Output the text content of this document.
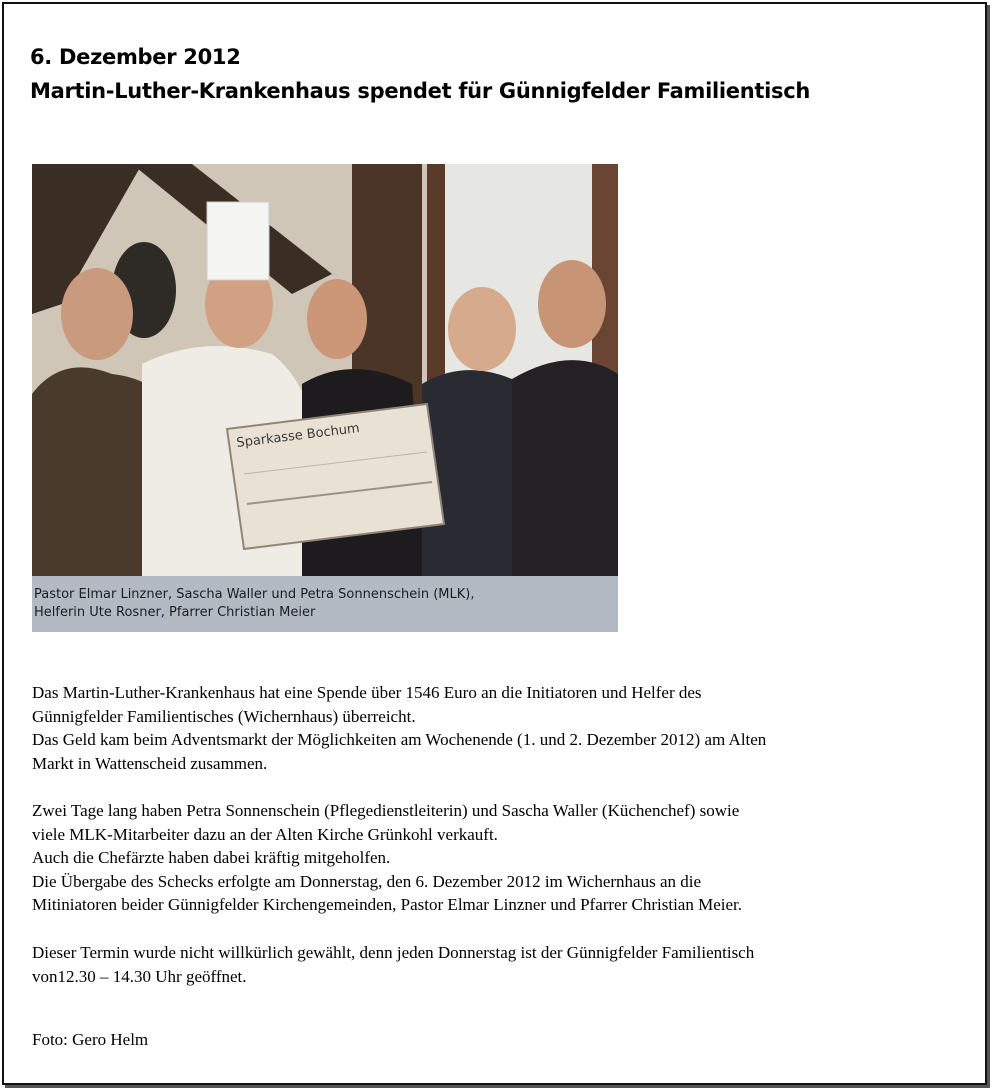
6. Dezember 2012
Martin-Luther-Krankenhaus spendet für Günnigfelder Familientisch
Sparkasse Bochum
Pastor Elmar Linzner, Sascha Waller und Petra Sonnenschein (MLK),
Helferin Ute Rosner, Pfarrer Christian Meier

Das Martin-Luther-Krankenhaus hat eine Spende über 1546 Euro an die Initiatoren und Helfer des

Günnigfelder Familientisches (Wichernhaus) überreicht.

Das Geld kam beim Adventsmarkt der Möglichkeiten am Wochenende (1. und 2. Dezember 2012) am Alten

Markt in Wattenscheid zusammen.

Zwei Tage lang haben Petra Sonnenschein (Pflegedienstleiterin) und Sascha Waller (Küchenchef) sowie

viele MLK-Mitarbeiter dazu an der Alten Kirche Grünkohl verkauft.

Auch die Chefärzte haben dabei kräftig mitgeholfen.

Die Übergabe des Schecks erfolgte am Donnerstag, den 6. Dezember 2012 im Wichernhaus an die

Mitiniatoren beider Günnigfelder Kirchengemeinden, Pastor Elmar Linzner und Pfarrer Christian Meier.

Dieser Termin wurde nicht willkürlich gewählt, denn jeden Donnerstag ist der Günnigfelder Familientisch

von12.30 – 14.30 Uhr geöffnet.

Foto: Gero Helm
